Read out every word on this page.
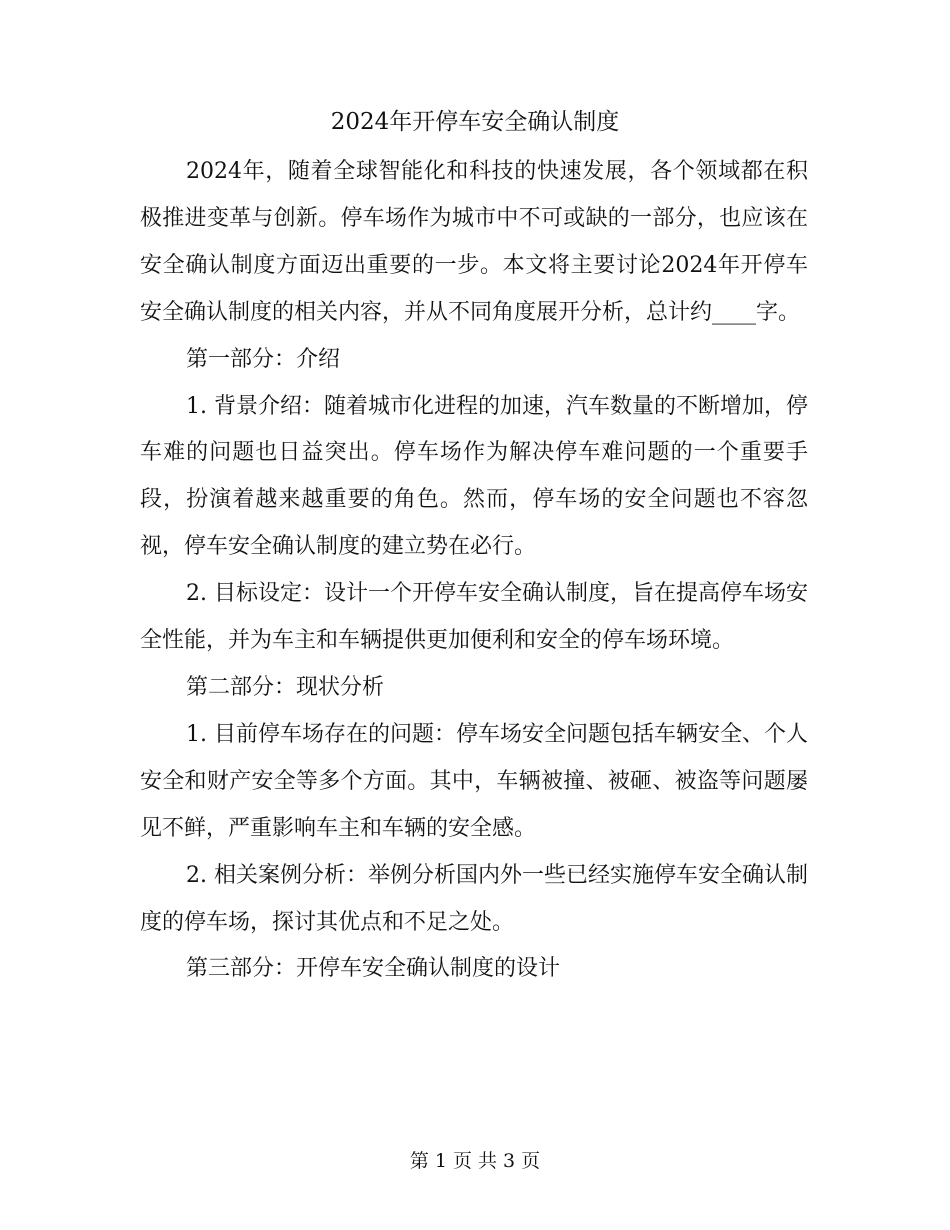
2024年开停车安全确认制度

2024年，随着全球智能化和科技的快速发展，各个领域都在积极推进变革与创新。停车场作为城市中不可或缺的一部分，也应该在安全确认制度方面迈出重要的一步。本文将主要讨论2024年开停车安全确认制度的相关内容，并从不同角度展开分析，总计约____字。

第一部分：介绍

1. 背景介绍：随着城市化进程的加速，汽车数量的不断增加，停车难的问题也日益突出。停车场作为解决停车难问题的一个重要手段，扮演着越来越重要的角色。然而，停车场的安全问题也不容忽视，停车安全确认制度的建立势在必行。

2. 目标设定：设计一个开停车安全确认制度，旨在提高停车场安全性能，并为车主和车辆提供更加便利和安全的停车场环境。

第二部分：现状分析

1. 目前停车场存在的问题：停车场安全问题包括车辆安全、个人安全和财产安全等多个方面。其中，车辆被撞、被砸、被盗等问题屡见不鲜，严重影响车主和车辆的安全感。

2. 相关案例分析：举例分析国内外一些已经实施停车安全确认制度的停车场，探讨其优点和不足之处。

第三部分：开停车安全确认制度的设计

第 1 页 共 3 页
